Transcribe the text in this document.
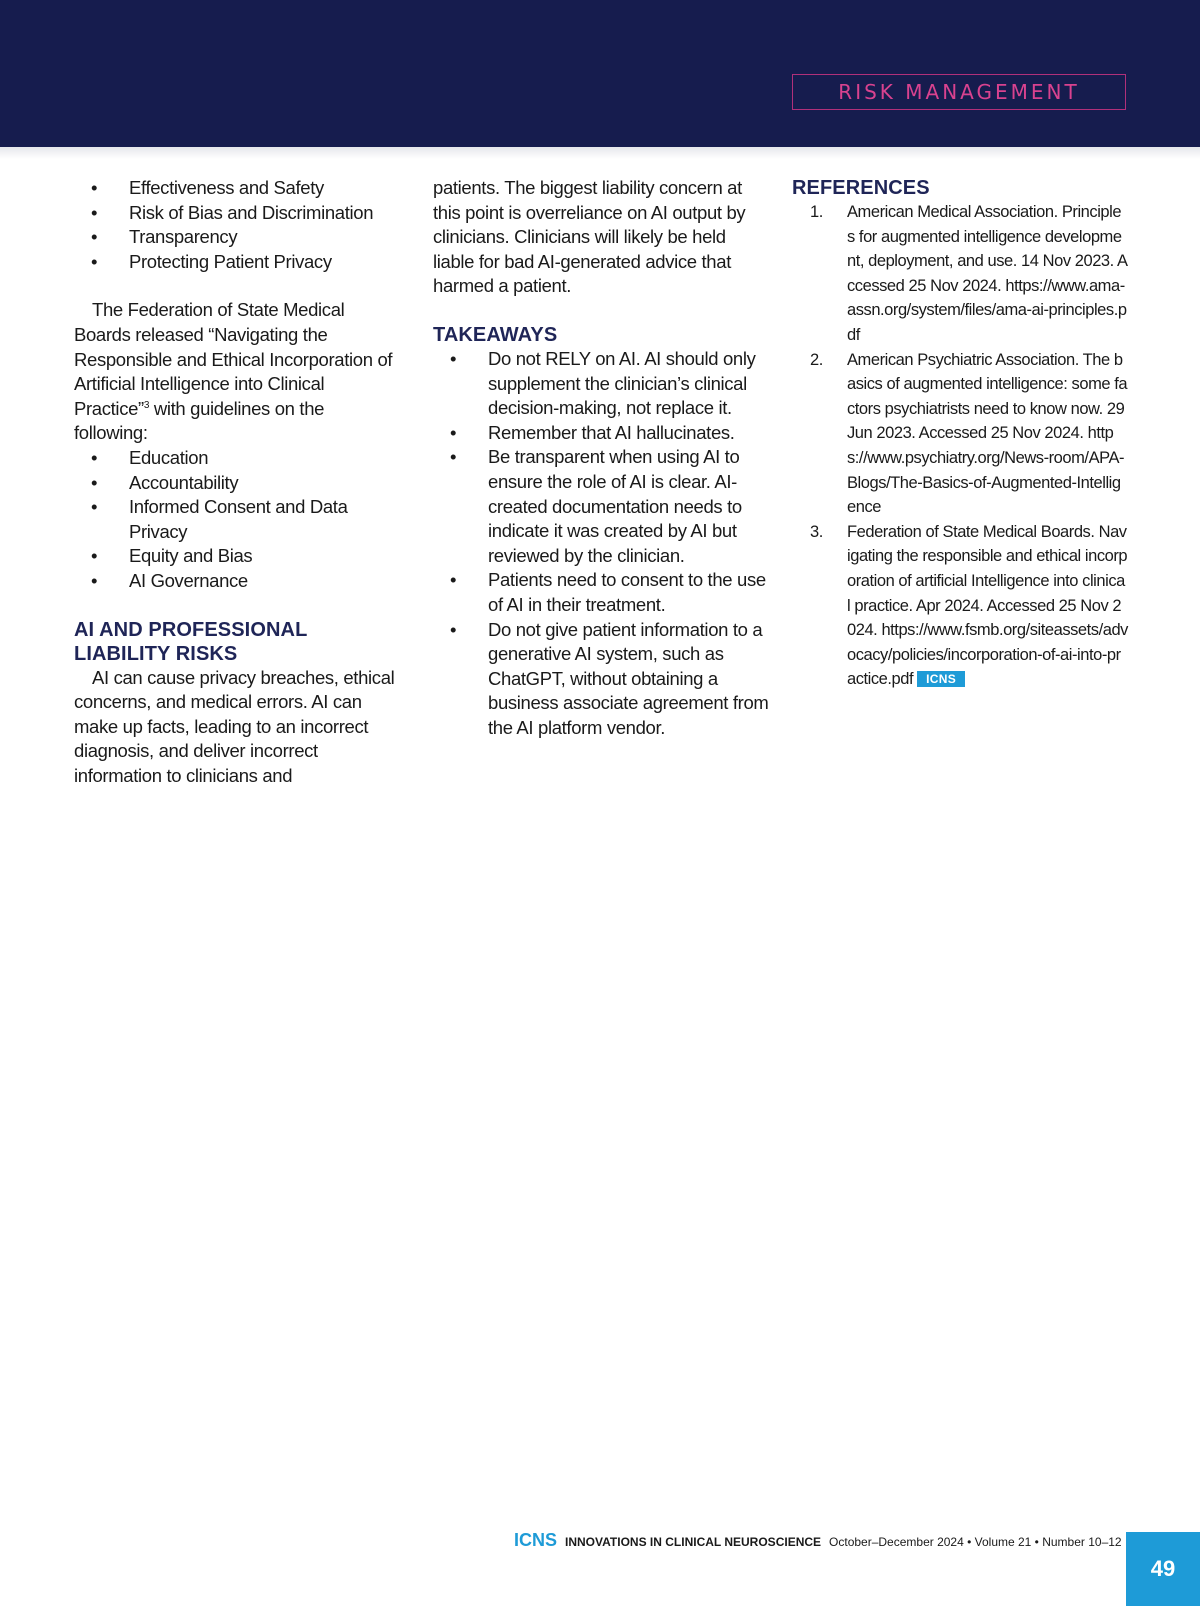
RISK MANAGEMENT
• Effectiveness and Safety
• Risk of Bias and Discrimination
• Transparency
• Protecting Patient Privacy

The Federation of State Medical Boards released “Navigating the Responsible and Ethical Incorporation of Artificial Intelligence into Clinical Practice”$^3$ with guidelines on the following:

• Education
• Accountability
• Informed Consent and Data Privacy
• Equity and Bias
• AI Governance
AI AND PROFESSIONAL LIABILITY RISKS

AI can cause privacy breaches, ethical concerns, and medical errors. AI can make up facts, leading to an incorrect diagnosis, and deliver incorrect information to clinicians and

patients. The biggest liability concern at this point is overreliance on AI output by clinicians. Clinicians will likely be held liable for bad AI-generated advice that harmed a patient.

TAKEAWAYS
• Do not RELY on AI. AI should only supplement the clinician’s clinical decision-making, not replace it.
• Remember that AI hallucinates.
• Be transparent when using AI to ensure the role of AI is clear. AI-created documentation needs to indicate it was created by AI but reviewed by the clinician.
• Patients need to consent to the use of AI in their treatment.
• Do not give patient information to a generative AI system, such as ChatGPT, without obtaining a business associate agreement from the AI platform vendor.
REFERENCES
1. American Medical Association. Principles for augmented intelligence development, deployment, and use. 14 Nov 2023. Accessed 25 Nov 2024. https://www.ama-assn.org/system/files/ama-ai-principles.pdf
2. American Psychiatric Association. The basics of augmented intelligence: some factors psychiatrists need to know now. 29 Jun 2023. Accessed 25 Nov 2024. https://www.psychiatry.org/News-room/APA-Blogs/The-Basics-of-Augmented-Intelligence
3. Federation of State Medical Boards. Navigating the responsible and ethical incorporation of artificial Intelligence into clinical practice. Apr 2024. Accessed 25 Nov 2024. https://www.fsmb.org/siteassets/advocacy/policies/incorporation-of-ai-into-practice.pdf ICNS
ICNS INNOVATIONS IN CLINICAL NEUROSCIENCE October–December 2024 • Volume 21 • Number 10–12
49
